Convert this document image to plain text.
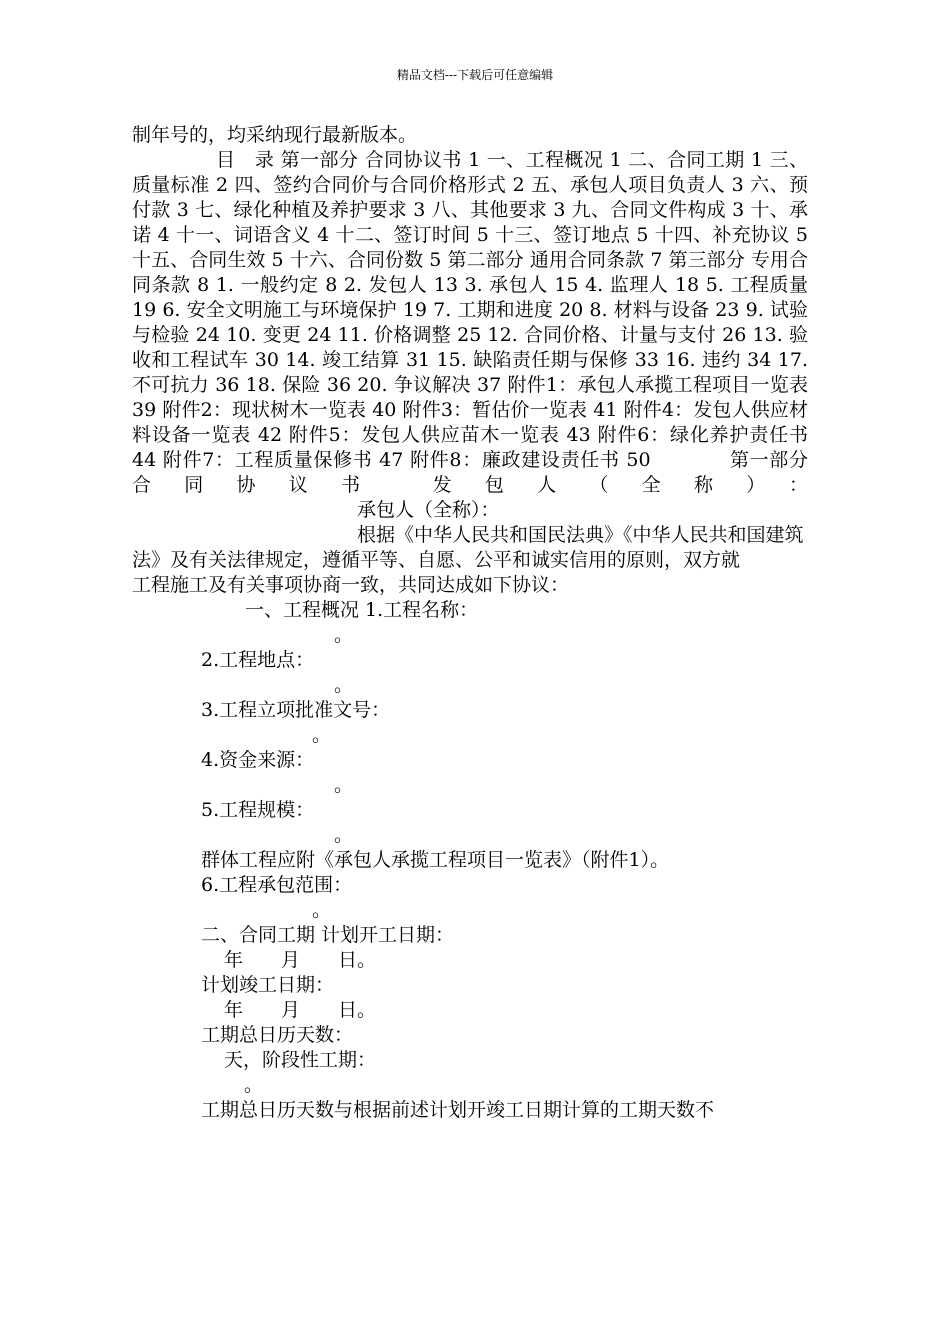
精品文档---下载后可任意编辑

制年号的，均采纳现行最新版本。

目　录 第一部分 合同协议书 1 一、工程概况 1 二、合同工期 1 三、质量标准 2 四、签约合同价与合同价格形式 2 五、承包人项目负责人 3 六、预付款 3 七、绿化种植及养护要求 3 八、其他要求 3 九、合同文件构成 3 十、承诺 4 十一、词语含义 4 十二、签订时间 5 十三、签订地点 5 十四、补充协议 5 十五、合同生效 5 十六、合同份数 5 第二部分 通用合同条款 7 第三部分 专用合同条款 8 1. 一般约定 8 2. 发包人 13 3. 承包人 15 4. 监理人 18 5. 工程质量 19 6. 安全文明施工与环境保护 19 7. 工期和进度 20 8. 材料与设备 23 9. 试验与检验 24 10. 变更 24 11. 价格调整 25 12. 合同价格、计量与支付 26 13. 验收和工程试车 30 14. 竣工结算 31 15. 缺陷责任期与保修 33 16. 违约 34 17. 不可抗力 36 18. 保险 36 20. 争议解决 37 附件1：承包人承揽工程项目一览表 39 附件2：现状树木一览表 40 附件3：暂估价一览表 41 附件4：发包人供应材料设备一览表 42 附件5：发包人供应苗木一览表 43 附件6：绿化养护责任书 44 附件7：工程质量保修书 47 附件8：廉政建设责任书 50　　　　	第一部分 合同协议书 发包人（全称）：

承包人（全称）：

根据《中华人民共和国民法典》《中华人民共和国建筑法》及有关法律规定，遵循平等、自愿、公平和诚实信用的原则，双方就　　　　　　工程施工及有关事项协商一致，共同达成如下协议：

一、工程概况 1.工程名称：

。

2.工程地点：

。

3.工程立项批准文号：

。

4.资金来源：

。

5.工程规模：

。

群体工程应附《承包人承揽工程项目一览表》（附件1）。

6.工程承包范围：

。

二、合同工期 计划开工日期：

年　　月　　日。

计划竣工日期：

年　　月　　日。

工期总日历天数：

天，阶段性工期：

。

工期总日历天数与根据前述计划开竣工日期计算的工期天数不
